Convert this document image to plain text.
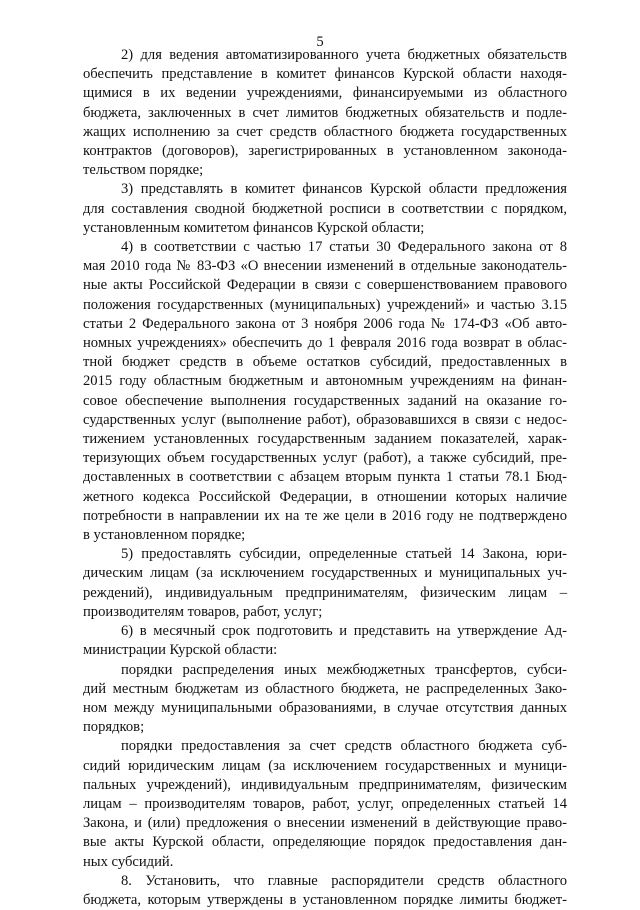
5
2) для ведения автоматизированного учета бюджетных обязательств
обеспечить представление в комитет финансов Курской области находя-
щимися в их ведении учреждениями, финансируемыми из областного
бюджета, заключенных в счет лимитов бюджетных обязательств и подле-
жащих исполнению за счет средств областного бюджета государственных
контрактов (договоров), зарегистрированных в установленном законода-
тельством порядке;
3) представлять в комитет финансов Курской области предложения
для составления сводной бюджетной росписи в соответствии с порядком,
установленным комитетом финансов Курской области;
4) в соответствии с частью 17 статьи 30 Федерального закона от 8
мая 2010 года № 83-ФЗ «О внесении изменений в отдельные законодатель-
ные акты Российской Федерации в связи с совершенствованием правового
положения государственных (муниципальных) учреждений» и частью 3.15
статьи 2 Федерального закона от 3 ноября 2006 года № 174-ФЗ «Об авто-
номных учреждениях» обеспечить до 1 февраля 2016 года возврат в облас-
тной бюджет средств в объеме остатков субсидий, предоставленных в
2015 году областным бюджетным и автономным учреждениям на финан-
совое обеспечение выполнения государственных заданий на оказание го-
сударственных услуг (выполнение работ), образовавшихся в связи с недос-
тижением установленных государственным заданием показателей, харак-
теризующих объем государственных услуг (работ), а также субсидий, пре-
доставленных в соответствии с абзацем вторым пункта 1 статьи 78.1 Бюд-
жетного кодекса Российской Федерации, в отношении которых наличие
потребности в направлении их на те же цели в 2016 году не подтверждено
в установленном порядке;
5) предоставлять субсидии, определенные статьей 14 Закона, юри-
дическим лицам (за исключением государственных и муниципальных уч-
реждений), индивидуальным предпринимателям, физическим лицам –
производителям товаров, работ, услуг;
6) в месячный срок подготовить и представить на утверждение Ад-
министрации Курской области:
порядки распределения иных межбюджетных трансфертов, субси-
дий местным бюджетам из областного бюджета, не распределенных Зако-
ном между муниципальными образованиями, в случае отсутствия данных
порядков;
порядки предоставления за счет средств областного бюджета суб-
сидий юридическим лицам (за исключением государственных и муници-
пальных учреждений), индивидуальным предпринимателям, физическим
лицам – производителям товаров, работ, услуг, определенных статьей 14
Закона, и (или) предложения о внесении изменений в действующие право-
вые акты Курской области, определяющие порядок предоставления дан-
ных субсидий.
8. Установить, что главные распорядители средств областного
бюджета, которым утверждены в установленном порядке лимиты бюджет-
